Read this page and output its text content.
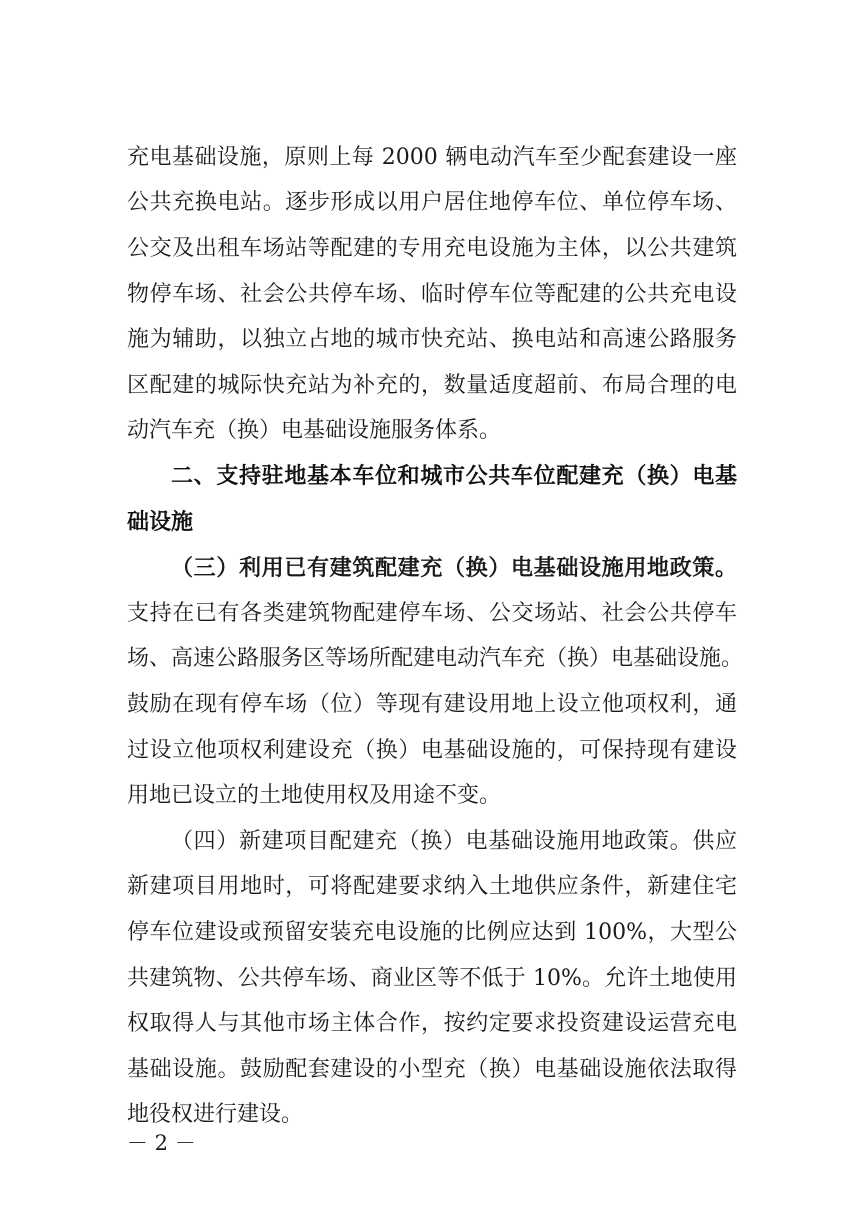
充电基础设施，原则上每 2000 辆电动汽车至少配套建设一座
公共充换电站。逐步形成以用户居住地停车位、单位停车场、
公交及出租车场站等配建的专用充电设施为主体，以公共建筑
物停车场、社会公共停车场、临时停车位等配建的公共充电设
施为辅助，以独立占地的城市快充站、换电站和高速公路服务
区配建的城际快充站为补充的，数量适度超前、布局合理的电
动汽车充（换）电基础设施服务体系。
二、支持驻地基本车位和城市公共车位配建充（换）电基
础设施
（三）利用已有建筑配建充（换）电基础设施用地政策。
支持在已有各类建筑物配建停车场、公交场站、社会公共停车
场、高速公路服务区等场所配建电动汽车充（换）电基础设施。
鼓励在现有停车场（位）等现有建设用地上设立他项权利，通
过设立他项权利建设充（换）电基础设施的，可保持现有建设
用地已设立的土地使用权及用途不变。
（四）新建项目配建充（换）电基础设施用地政策。供应
新建项目用地时，可将配建要求纳入土地供应条件，新建住宅
停车位建设或预留安装充电设施的比例应达到 100%，大型公
共建筑物、公共停车场、商业区等不低于 10%。允许土地使用
权取得人与其他市场主体合作，按约定要求投资建设运营充电
基础设施。鼓励配套建设的小型充（换）电基础设施依法取得
地役权进行建设。
－ 2 －
